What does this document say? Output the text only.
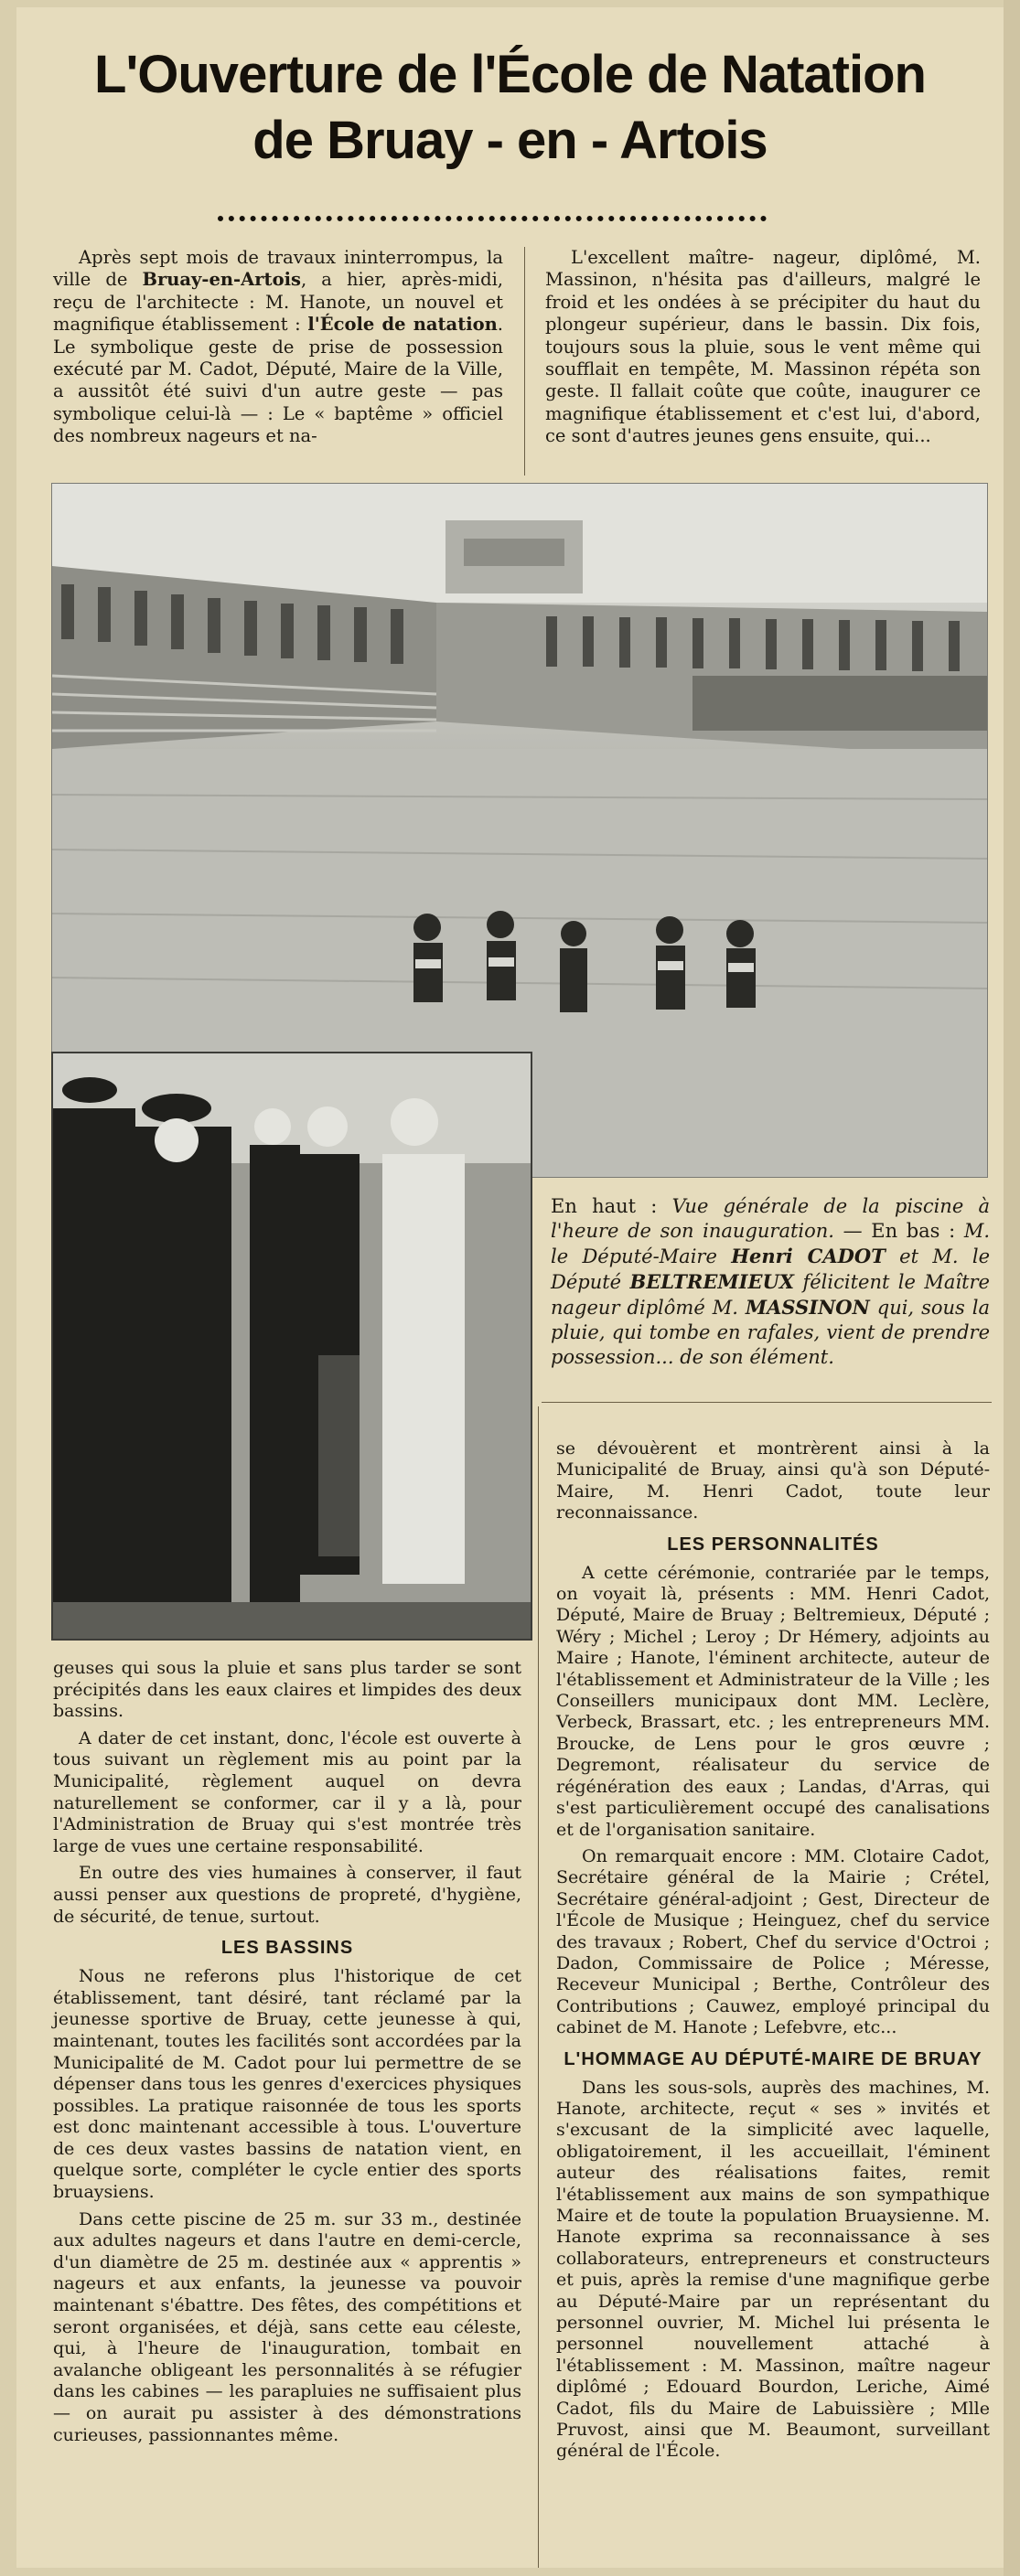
L'Ouverture de l'École de Natation
de Bruay - en - Artois

Après sept mois de travaux ininterrompus, la ville de Bruay-en-Artois, a hier, après-midi, reçu de l'architecte : M. Hanote, un nouvel et magnifique établissement : l'École de natation. Le symbolique geste de prise de possession exécuté par M. Cadot, Député, Maire de la Ville, a aussitôt été suivi d'un autre geste — pas symbolique celui-là — : Le « baptême » officiel des nombreux nageurs et na-

L'excellent maître- nageur, diplômé, M. Massinon, n'hésita pas d'ailleurs, malgré le froid et les ondées à se précipiter du haut du plongeur supérieur, dans le bassin. Dix fois, toujours sous la pluie, sous le vent même qui soufflait en tempête, M. Massinon répéta son geste. Il fallait coûte que coûte, inaugurer ce magnifique établissement et c'est lui, d'abord, ce sont d'autres jeunes gens ensuite, qui...

En haut : Vue générale de la piscine à l'heure de son inauguration. — En bas : M. le Député-Maire Henri CADOT et M. le Député BELTREMIEUX félicitent le Maître nageur diplômé M. MASSINON qui, sous la pluie, qui tombe en rafales, vient de prendre possession... de son élément.

geuses qui sous la pluie et sans plus tarder se sont précipités dans les eaux claires et limpides des deux bassins.

A dater de cet instant, donc, l'école est ouverte à tous suivant un règlement mis au point par la Municipalité, règlement auquel on devra naturellement se conformer, car il y a là, pour l'Administration de Bruay qui s'est montrée très large de vues une certaine responsabilité.

En outre des vies humaines à conserver, il faut aussi penser aux questions de propreté, d'hygiène, de sécurité, de tenue, surtout.

LES BASSINS

Nous ne referons plus l'historique de cet établissement, tant désiré, tant réclamé par la jeunesse sportive de Bruay, cette jeunesse à qui, maintenant, toutes les facilités sont accordées par la Municipalité de M. Cadot pour lui permettre de se dépenser dans tous les genres d'exercices physiques possibles. La pratique raisonnée de tous les sports est donc maintenant accessible à tous. L'ouverture de ces deux vastes bassins de natation vient, en quelque sorte, compléter le cycle entier des sports bruaysiens.

Dans cette piscine de 25 m. sur 33 m., destinée aux adultes nageurs et dans l'autre en demi-cercle, d'un diamètre de 25 m. destinée aux « apprentis » nageurs et aux enfants, la jeunesse va pouvoir maintenant s'ébattre. Des fêtes, des compétitions et seront organisées, et déjà, sans cette eau céleste, qui, à l'heure de l'inauguration, tombait en avalanche obligeant les personnalités à se réfugier dans les cabines — les parapluies ne suffisaient plus — on aurait pu assister à des démonstrations curieuses, passionnantes même.

se dévouèrent et montrèrent ainsi à la Municipalité de Bruay, ainsi qu'à son Député-Maire, M. Henri Cadot, toute leur reconnaissance.

LES PERSONNALITÉS

A cette cérémonie, contrariée par le temps, on voyait là, présents : MM. Henri Cadot, Député, Maire de Bruay ; Beltremieux, Député ; Wéry ; Michel ; Leroy ; Dr Hémery, adjoints au Maire ; Hanote, l'éminent architecte, auteur de l'établissement et Administrateur de la Ville ; les Conseillers municipaux dont MM. Leclère, Verbeck, Brassart, etc. ; les entrepreneurs MM. Broucke, de Lens pour le gros œuvre ; Degremont, réalisateur du service de régénération des eaux ; Landas, d'Arras, qui s'est particulièrement occupé des canalisations et de l'organisation sanitaire.

On remarquait encore : MM. Clotaire Cadot, Secrétaire général de la Mairie ; Crétel, Secrétaire général-adjoint ; Gest, Directeur de l'École de Musique ; Heinguez, chef du service des travaux ; Robert, Chef du service d'Octroi ; Dadon, Commissaire de Police ; Méresse, Receveur Municipal ; Berthe, Contrôleur des Contributions ; Cauwez, employé principal du cabinet de M. Hanote ; Lefebvre, etc...

L'HOMMAGE AU DÉPUTÉ-MAIRE DE BRUAY

Dans les sous-sols, auprès des machines, M. Hanote, architecte, reçut « ses » invités et s'excusant de la simplicité avec laquelle, obligatoirement, il les accueillait, l'éminent auteur des réalisations faites, remit l'établissement aux mains de son sympathique Maire et de toute la population Bruaysienne. M. Hanote exprima sa reconnaissance à ses collaborateurs, entrepreneurs et constructeurs et puis, après la remise d'une magnifique gerbe au Député-Maire par un représentant du personnel ouvrier, M. Michel lui présenta le personnel nouvellement attaché à l'établissement : M. Massinon, maître nageur diplômé ; Edouard Bourdon, Leriche, Aimé Cadot, fils du Maire de Labuissière ; Mlle Pruvost, ainsi que M. Beaumont, surveillant général de l'École.
